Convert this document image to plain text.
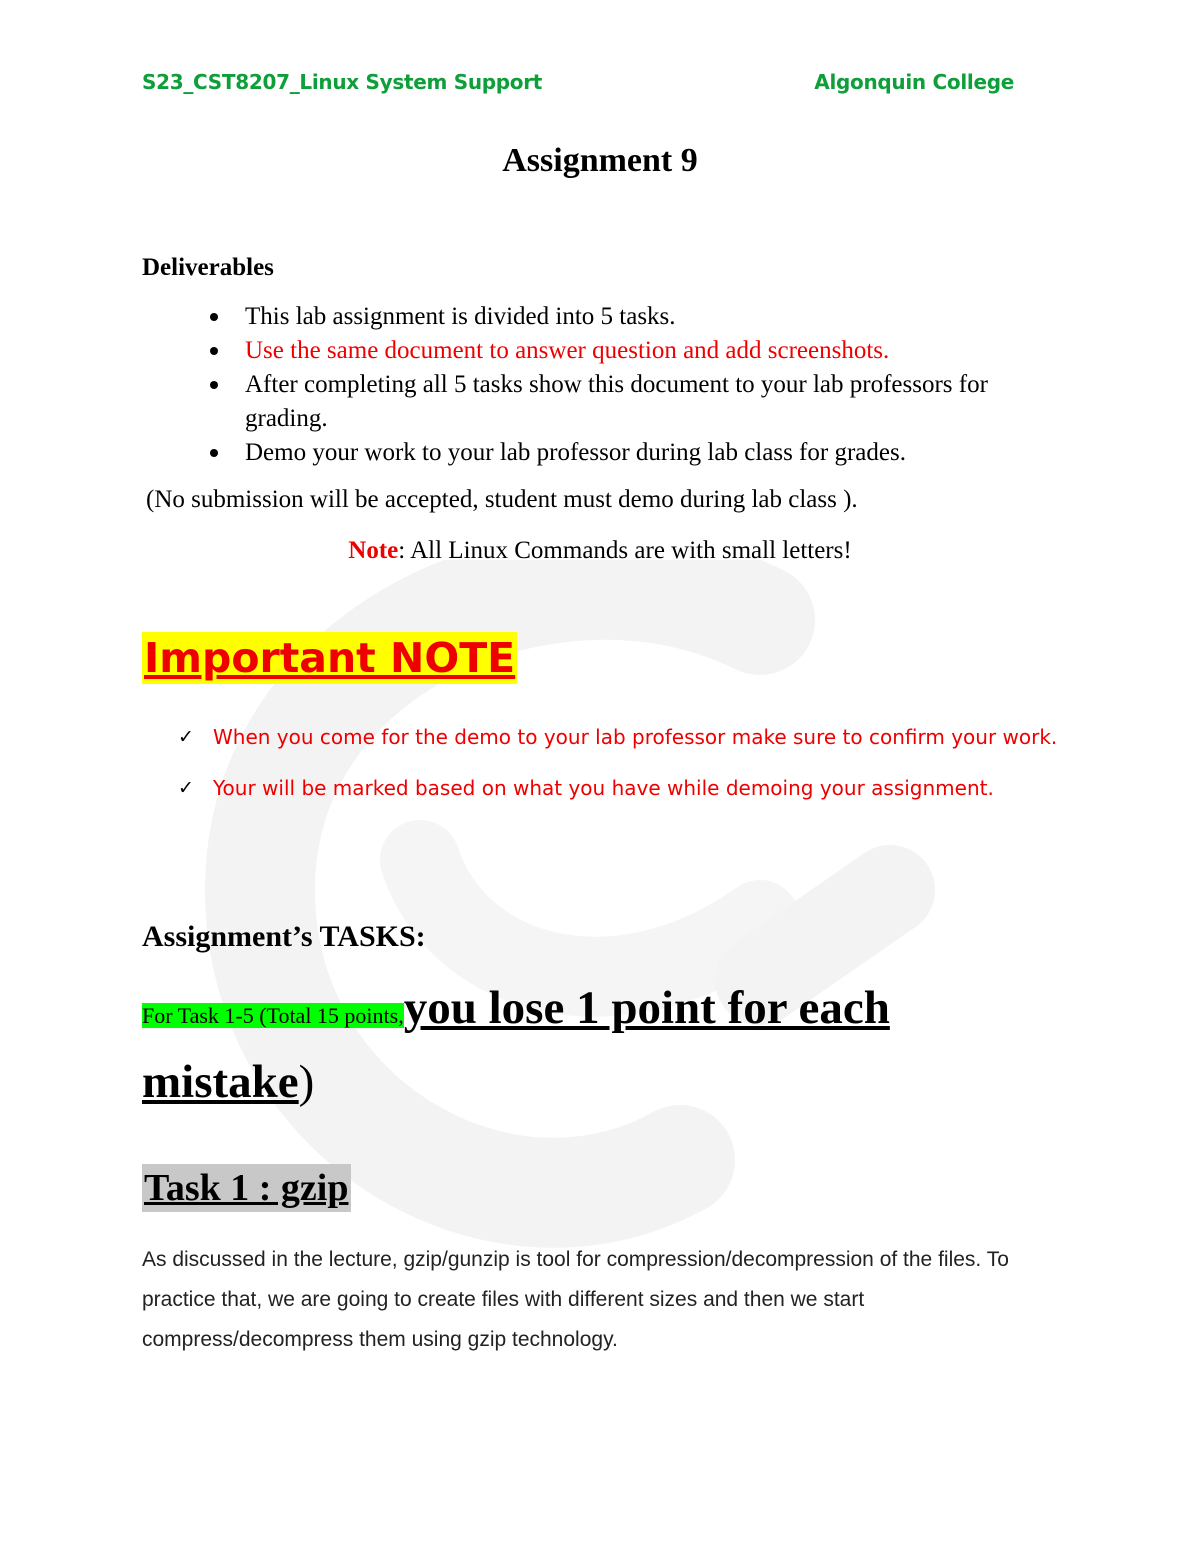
S23_CST8207_Linux System Support	Algonquin College
Assignment 9
Deliverables
This lab assignment is divided into 5 tasks.
Use the same document to answer question and add screenshots.
After completing all 5 tasks show this document to your lab professors for grading.
Demo your work to your lab professor during lab class for grades.
(No submission will be accepted, student must demo during lab class ).
Note: All Linux Commands are with small letters!
Important NOTE
✓ When you come for the demo to your lab professor make sure to confirm your work.
✓ Your will be marked based on what you have while demoing your assignment.
Assignment’s TASKS:
For Task 1-5 (Total 15 points,you lose 1 point for each mistake)
Task 1 : gzip
As discussed in the lecture, gzip/gunzip is tool for compression/decompression of the files. To practice that, we are going to create files with different sizes and then we start compress/decompress them using gzip technology.
